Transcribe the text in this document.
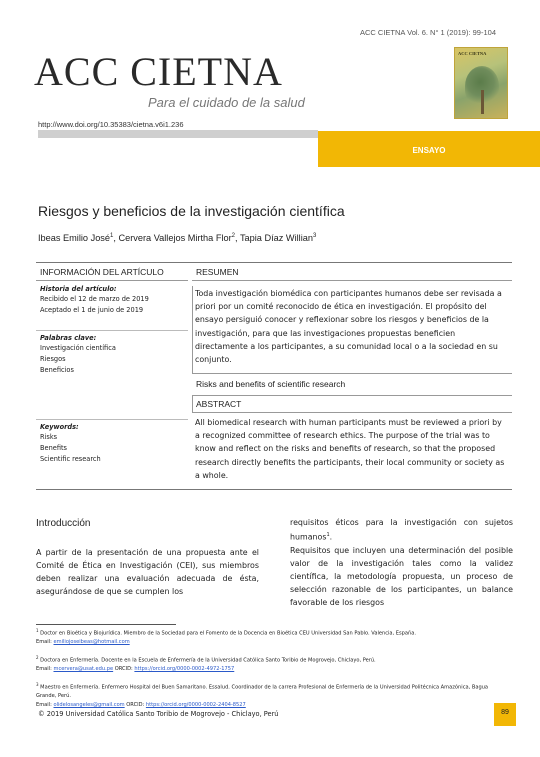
ACC CIETNA Vol. 6. N° 1 (2019): 99-104
ACC CIETNA
Para el cuidado de la salud
ACC CIETNA
http://www.doi.org/10.35383/cietna.v6i1.236
ENSAYO
Riesgos y beneficios de la investigación científica
Ibeas Emilio José$^1$, Cervera Vallejos Mirtha Flor$^2$, Tapia Díaz Willian$^3$
INFORMACIÓN DEL ARTÍCULO	RESUMEN
Historia del artículo:
Recibido el 12 de marzo de 2019
Aceptado el 1 de junio de 2019
Palabras clave:
Investigación científica
Riesgos
Beneficios
Keywords:
Risks
Benefits
Scientific research
Toda investigación biomédica con participantes humanos debe ser revisada a priori por un comité reconocido de ética en investigación. El propósito del ensayo persiguió conocer y reflexionar sobre los riesgos y beneficios de la investigación, para que las investigaciones propuestas beneficien directamente a los participantes, a su comunidad local o a la sociedad en su conjunto.
Risks and benefits of scientific research
ABSTRACT
All biomedical research with human participants must be reviewed a priori by a recognized committee of research ethics. The purpose of the trial was to know and reflect on the risks and benefits of research, so that the proposed research directly benefits the participants, their local community or society as a whole.
Introducción

A partir de la presentación de una propuesta ante el Comité de Ética en Investigación (CEI), sus miembros deben realizar una evaluación adecuada de ésta, asegurándose de que se cumplen los

requisitos éticos para la investigación con sujetos humanos$^1$.

Requisitos que incluyen una determinación del posible valor de la investigación tales como la validez científica, la metodología propuesta, un proceso de selección razonable de los participantes, un balance favorable de los riesgos

$^1$ Doctor en Bioética y Biojurídica. Miembro de la Sociedad para el Fomento de la Docencia en Bioética CEU Universidad San Pablo. Valencia, España.
Email: emiliojoseibeas@hotmail.com
$^2$ Doctora en Enfermería. Docente en la Escuela de Enfermería de la Universidad Católica Santo Toribio de Mogrovejo, Chiclayo, Perú.
Email: mcervera@usat.edu.pe ORCID: https://orcid.org/0000-0002-4972-1757
$^3$ Maestro en Enfermería. Enfermero Hospital del Buen Samaritano. Essalud. Coordinador de la carrera Profesional de Enfermería de la Universidad Politécnica Amazónica, Bagua Grande, Perú.
Email: olidelosangeles@gmail.com ORCID: https://orcid.org/0000-0002-2404-8527
© 2019 Universidad Católica Santo Toribio de Mogrovejo - Chiclayo, Perú	89
